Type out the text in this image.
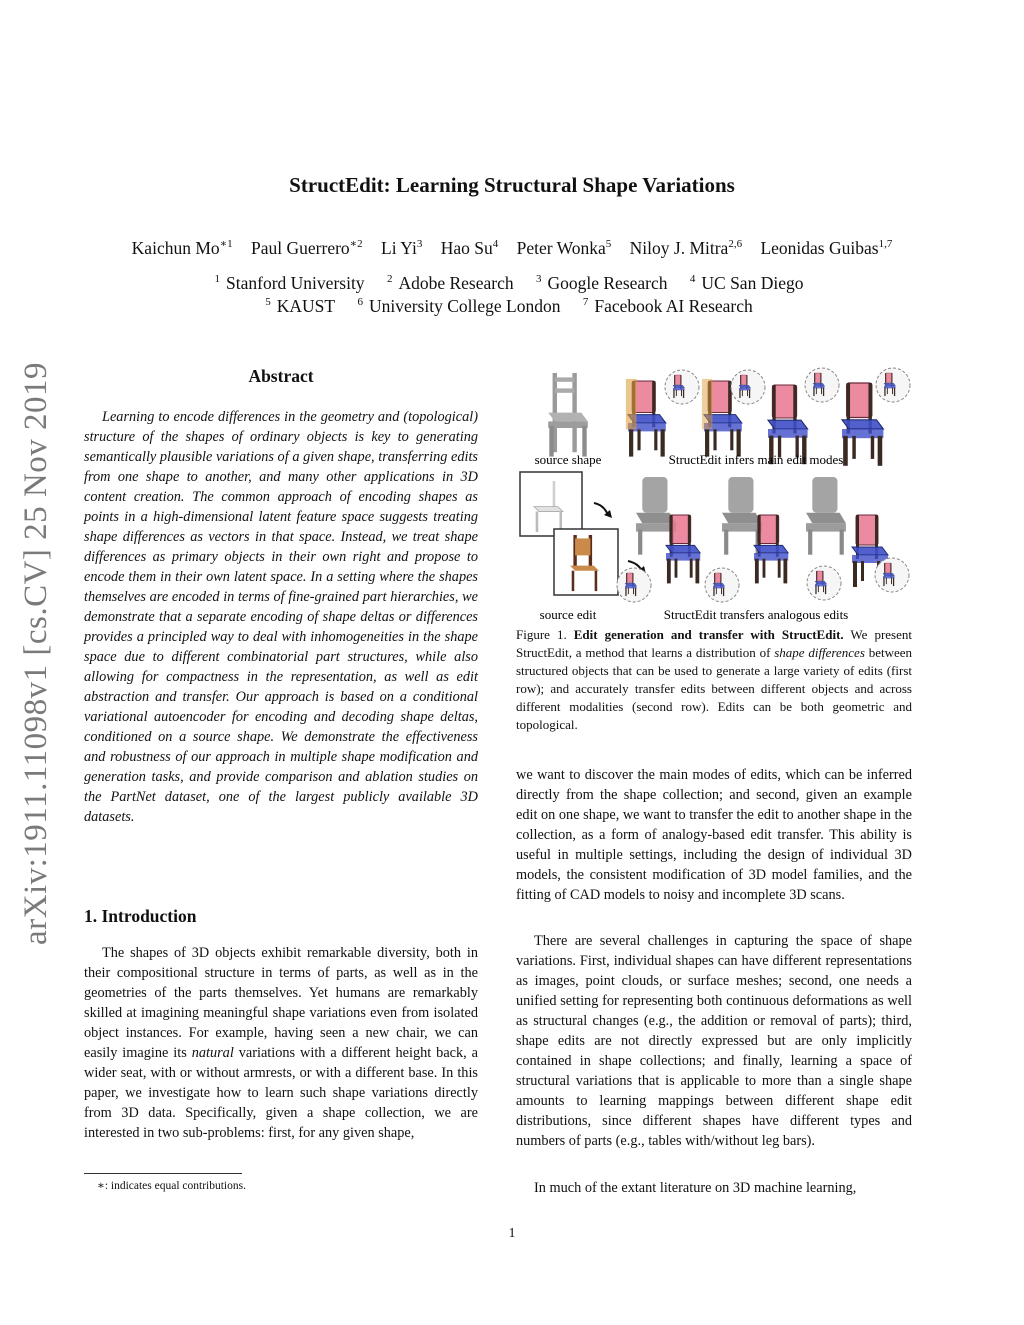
arXiv:1911.11098v1 [cs.CV] 25 Nov 2019
StructEdit: Learning Structural Shape Variations
Kaichun $Mo^{∗1}$ Paul Guerrero$^{∗2}$ Li Yi$^3$ Hao Su$^4$ Peter Wonka$^5$ Niloy J. Mitra$^{2,6}$ Leonidas Guibas$^{1,7}$
$^1$ Stanford University $^2$ Adobe Research $^3$ Google Research $^4$ UC San Diego
$^5$ KAUST $^6$ University College London $^7$ Facebook AI Research
Abstract
Learning to encode differences in the geometry and (topological) structure of the shapes of ordinary objects is key to generating semantically plausible variations of a given shape, transferring edits from one shape to another, and many other applications in 3D content creation. The common approach of encoding shapes as points in a high-dimensional latent feature space suggests treating shape differences as vectors in that space. Instead, we treat shape differences as primary objects in their own right and propose to encode them in their own latent space. In a setting where the shapes themselves are encoded in terms of fine-grained part hierarchies, we demonstrate that a separate encoding of shape deltas or differences provides a principled way to deal with inhomogeneities in the shape space due to different combinatorial part structures, while also allowing for compactness in the representation, as well as edit abstraction and transfer. Our approach is based on a conditional variational autoencoder for encoding and decoding shape deltas, conditioned on a source shape. We demonstrate the effectiveness and robustness of our approach in multiple shape modification and generation tasks, and provide comparison and ablation studies on the PartNet dataset, one of the largest publicly available 3D datasets.
1. Introduction
The shapes of 3D objects exhibit remarkable diversity, both in their compositional structure in terms of parts, as well as in the geometries of the parts themselves. Yet humans are remarkably skilled at imagining meaningful shape variations even from isolated object instances. For example, having seen a new chair, we can easily imagine its natural variations with a different height back, a wider seat, with or without armrests, or with a different base. In this paper, we investigate how to learn such shape variations directly from 3D data. Specifically, given a shape collection, we are interested in two sub-problems: first, for any given shape,
∗: indicates equal contributions.
1
source shape	StructEdit infers main edit modes
source edit	StructEdit transfers analogous edits
Figure 1. Edit generation and transfer with StructEdit. We present StructEdit, a method that learns a distribution of shape differences between structured objects that can be used to generate a large variety of edits (first row); and accurately transfer edits between different objects and across different modalities (second row). Edits can be both geometric and topological.
we want to discover the main modes of edits, which can be inferred directly from the shape collection; and second, given an example edit on one shape, we want to transfer the edit to another shape in the collection, as a form of analogy-based edit transfer. This ability is useful in multiple settings, including the design of individual 3D models, the consistent modification of 3D model families, and the fitting of CAD models to noisy and incomplete 3D scans.
There are several challenges in capturing the space of shape variations. First, individual shapes can have different representations as images, point clouds, or surface meshes; second, one needs a unified setting for representing both continuous deformations as well as structural changes (e.g., the addition or removal of parts); third, shape edits are not directly expressed but are only implicitly contained in shape collections; and finally, learning a space of structural variations that is applicable to more than a single shape amounts to learning mappings between different shape edit distributions, since different shapes have different types and numbers of parts (e.g., tables with/without leg bars).
In much of the extant literature on 3D machine learning,
